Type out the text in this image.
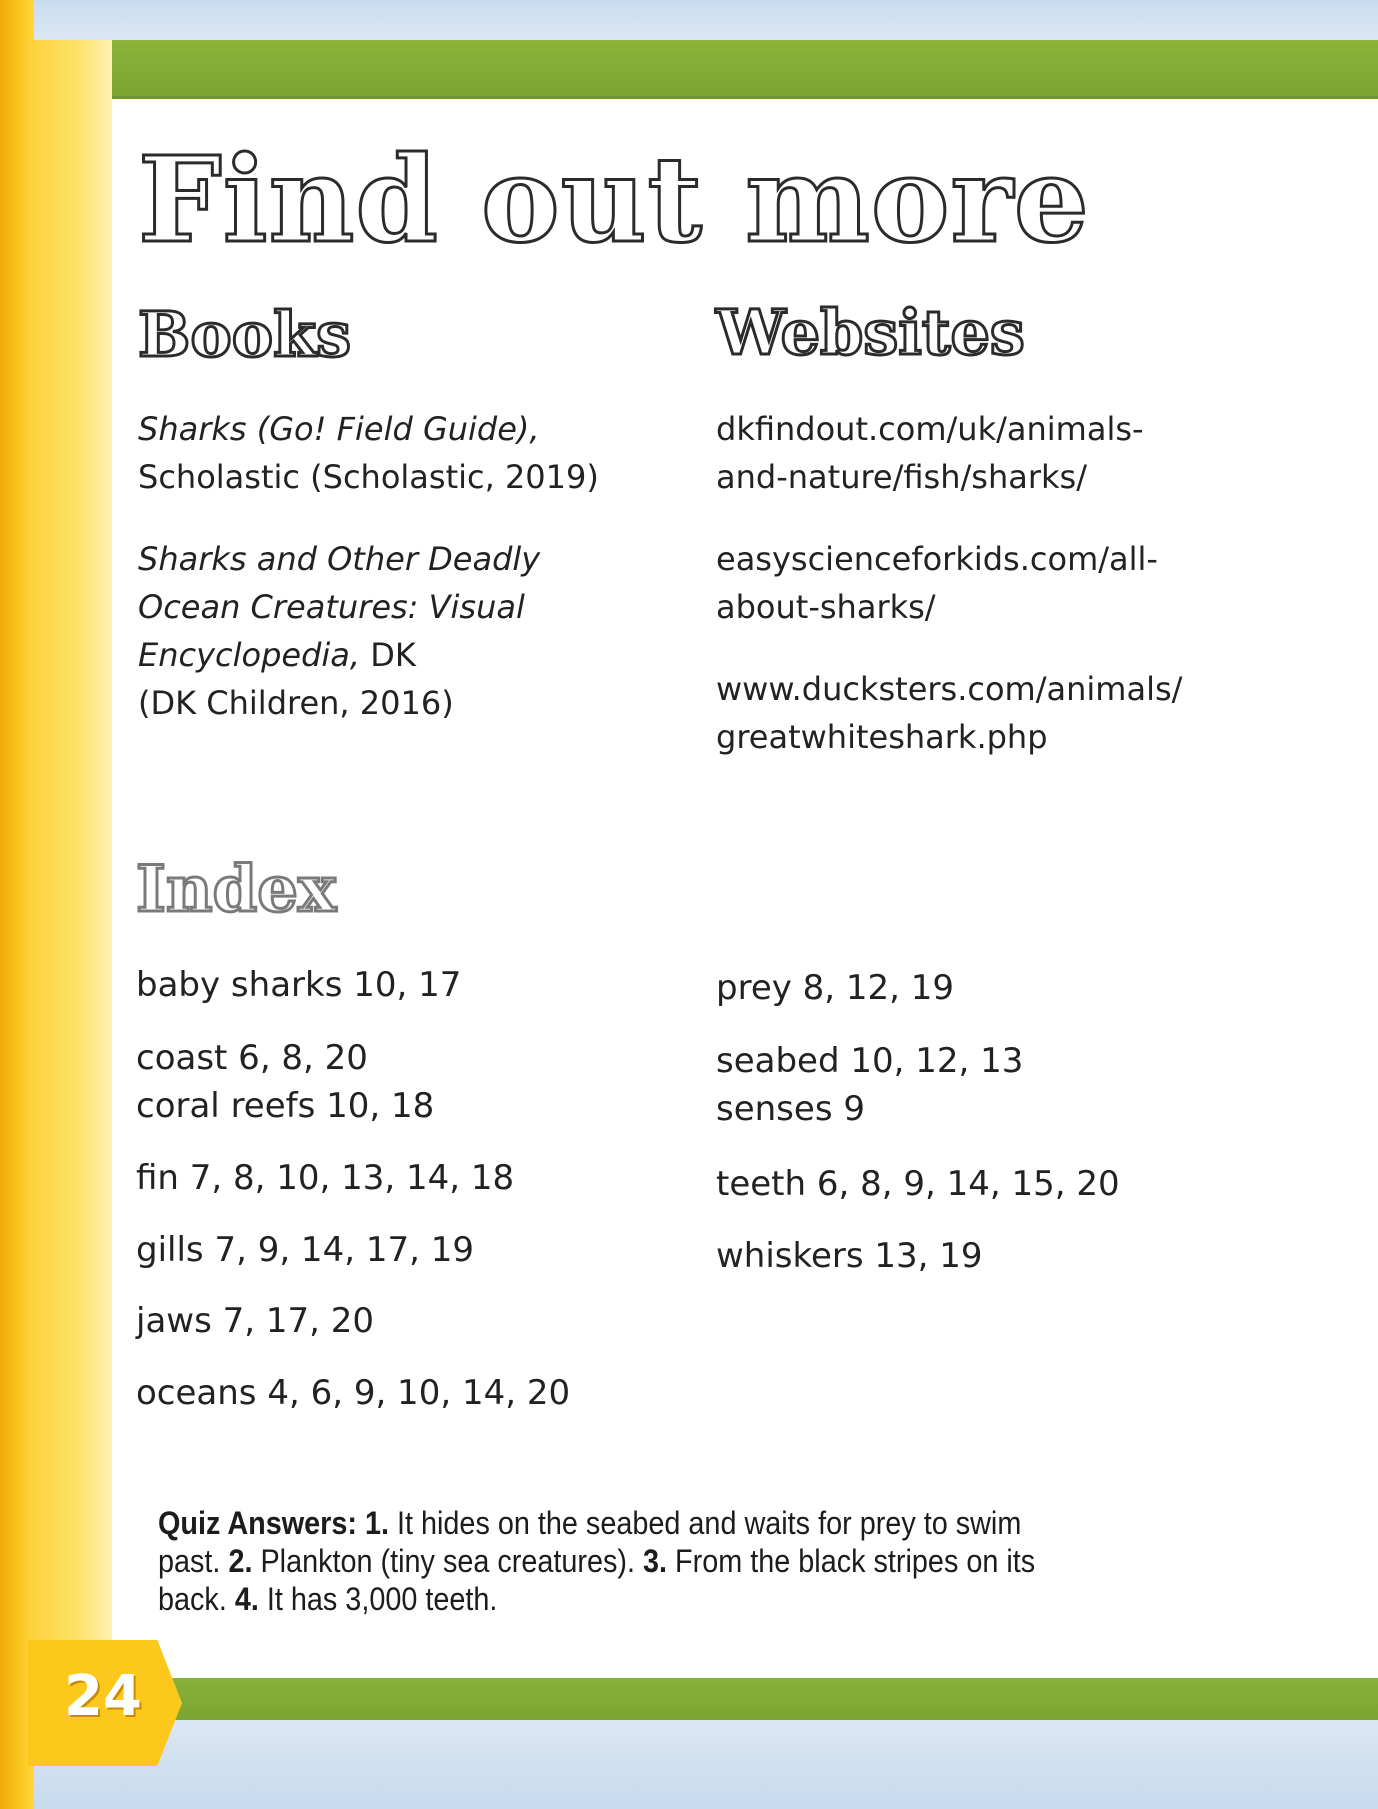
24
Find out more
Books	Websites
Sharks (Go! Field Guide),
Scholastic (Scholastic, 2019)
Sharks and Other Deadly
Ocean Creatures: Visual
Encyclopedia, DK
(DK Children, 2016)
dkfindout.com/uk/animals-
and-nature/fish/sharks/
easyscienceforkids.com/all-
about-sharks/
www.ducksters.com/animals/
greatwhiteshark.php
Index
baby sharks 10, 17
coast 6, 8, 20
coral reefs 10, 18
fin 7, 8, 10, 13, 14, 18
gills 7, 9, 14, 17, 19
jaws 7, 17, 20
oceans 4, 6, 9, 10, 14, 20
prey 8, 12, 19
seabed 10, 12, 13
senses 9
teeth 6, 8, 9, 14, 15, 20
whiskers 13, 19
Quiz Answers: 1. It hides on the seabed and waits for prey to swim past. 2. Plankton (tiny sea creatures). 3. From the black stripes on its back. 4. It has 3,000 teeth.
